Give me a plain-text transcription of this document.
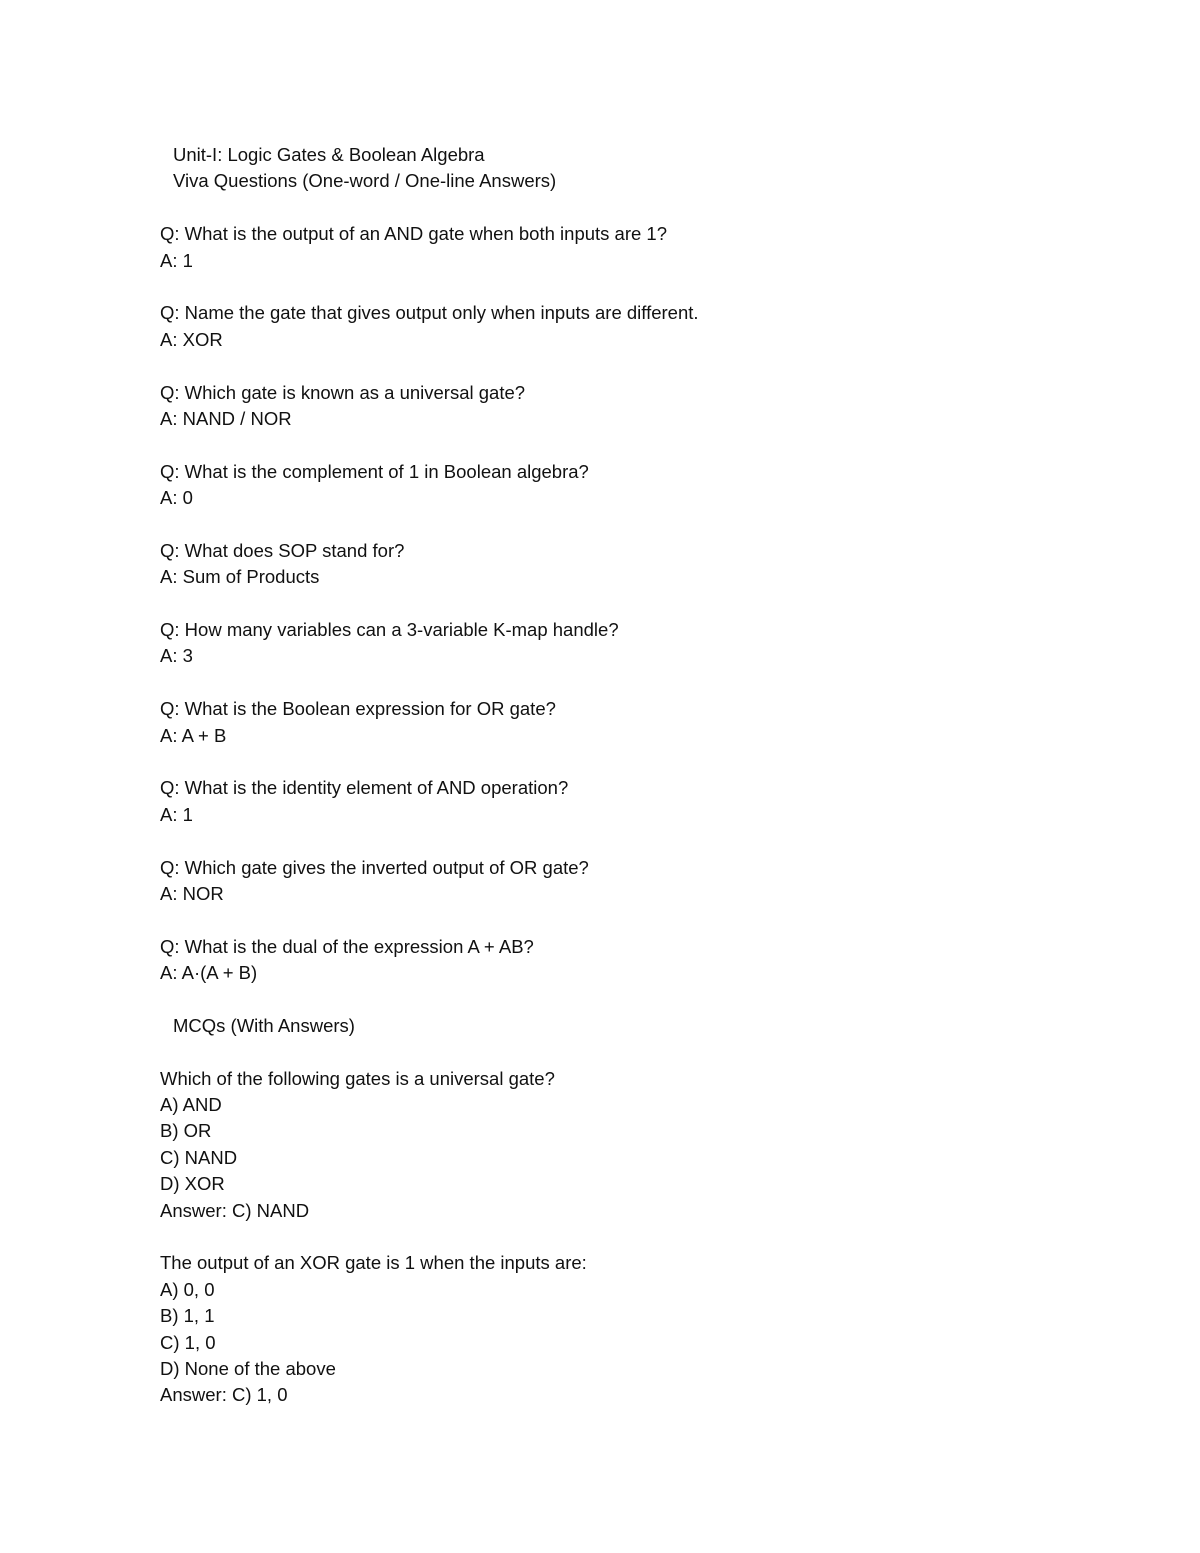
Unit-I: Logic Gates & Boolean Algebra
Viva Questions (One-word / One-line Answers)
Q: What is the output of an AND gate when both inputs are 1?
A: 1
Q: Name the gate that gives output only when inputs are different.
A: XOR
Q: Which gate is known as a universal gate?
A: NAND / NOR
Q: What is the complement of 1 in Boolean algebra?
A: 0
Q: What does SOP stand for?
A: Sum of Products
Q: How many variables can a 3-variable K-map handle?
A: 3
Q: What is the Boolean expression for OR gate?
A: A + B
Q: What is the identity element of AND operation?
A: 1
Q: Which gate gives the inverted output of OR gate?
A: NOR
Q: What is the dual of the expression A + AB?
A: A·(A + B)
MCQs (With Answers)
Which of the following gates is a universal gate?
A) AND
B) OR
C) NAND
D) XOR
Answer: C) NAND
The output of an XOR gate is 1 when the inputs are:
A) 0, 0
B) 1, 1
C) 1, 0
D) None of the above
Answer: C) 1, 0
